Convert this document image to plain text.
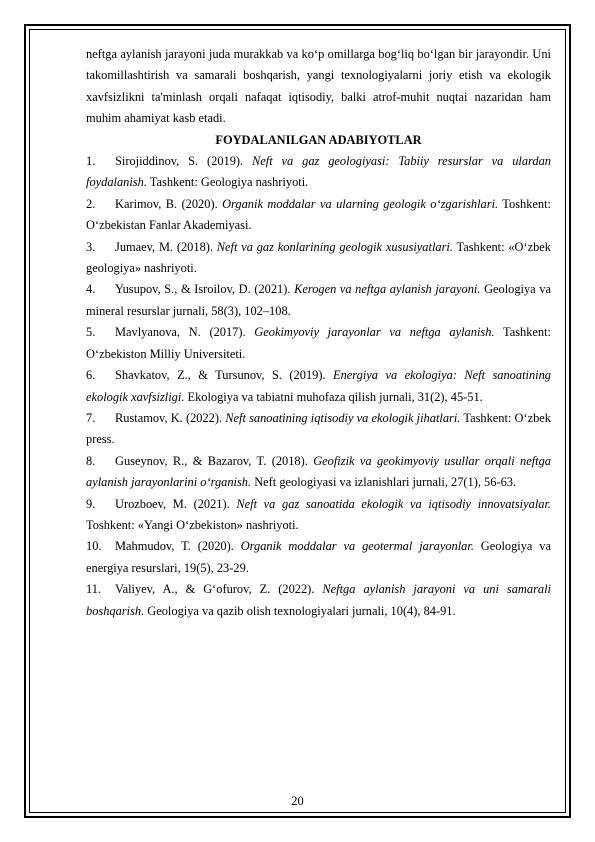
neftga aylanish jarayoni juda murakkab va ko‘p omillarga bog‘liq bo‘lgan bir jarayondir. Uni takomillashtirish va samarali boshqarish, yangi texnologiyalarni joriy etish va ekologik xavfsizlikni ta'minlash orqali nafaqat iqtisodiy, balki atrof-muhit nuqtai nazaridan ham muhim ahamiyat kasb etadi.

FOYDALANILGAN ADABIYOTLAR

1. Sirojiddinov, S. (2019). Neft va gaz geologiyasi: Tabiiy resurslar va ulardan foydalanish. Tashkent: Geologiya nashriyoti.

2. Karimov, B. (2020). Organik moddalar va ularning geologik o‘zgarishlari. Toshkent: O‘zbekistan Fanlar Akademiyasi.

3. Jumaev, M. (2018). Neft va gaz konlarining geologik xususiyatlari. Tashkent: «O‘zbek geologiya» nashriyoti.

4. Yusupov, S., & Isroilov, D. (2021). Kerogen va neftga aylanish jarayoni. Geologiya va mineral resurslar jurnali, 58(3), 102–108.

5. Mavlyanova, N. (2017). Geokimyoviy jarayonlar va neftga aylanish. Tashkent: O‘zbekiston Milliy Universiteti.

6. Shavkatov, Z., & Tursunov, S. (2019). Energiya va ekologiya: Neft sanoatining ekologik xavfsizligi. Ekologiya va tabiatni muhofaza qilish jurnali, 31(2), 45-51.

7. Rustamov, K. (2022). Neft sanoatining iqtisodiy va ekologik jihatlari. Tashkent: O‘zbek press.

8. Guseynov, R., & Bazarov, T. (2018). Geofizik va geokimyoviy usullar orqali neftga aylanish jarayonlarini o‘rganish. Neft geologiyasi va izlanishlari jurnali, 27(1), 56-63.

9. Urozboev, M. (2021). Neft va gaz sanoatida ekologik va iqtisodiy innovatsiyalar. Toshkent: «Yangi O‘zbekiston» nashriyoti.

10. Mahmudov, T. (2020). Organik moddalar va geotermal jarayonlar. Geologiya va energiya resurslari, 19(5), 23-29.

11. Valiyev, A., & G‘ofurov, Z. (2022). Neftga aylanish jarayoni va uni samarali boshqarish. Geologiya va qazib olish texnologiyalari jurnali, 10(4), 84-91.

20
